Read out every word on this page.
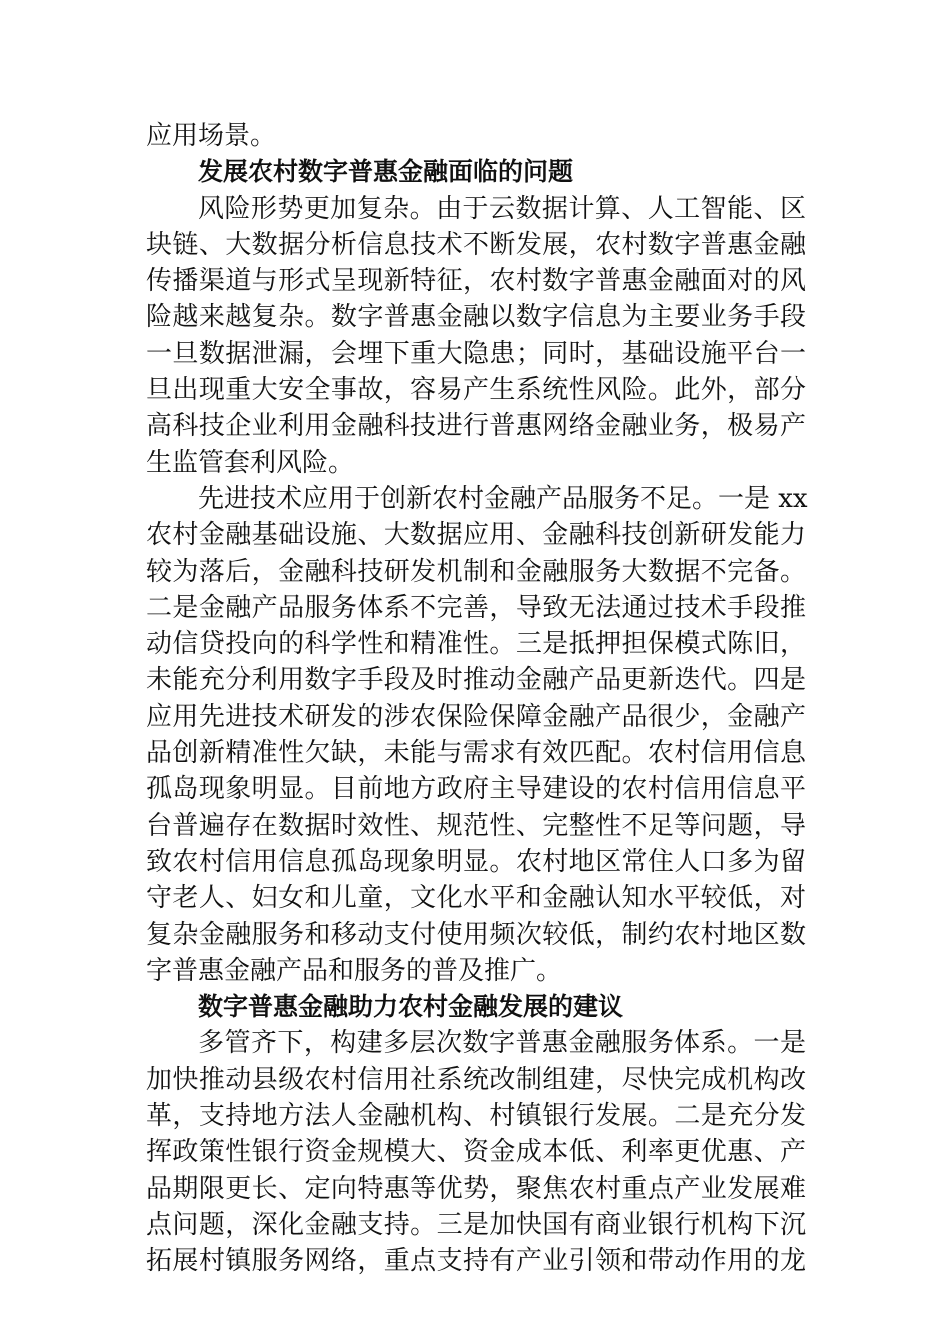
应用场景。
发展农村数字普惠金融面临的问题
风险形势更加复杂。由于云数据计算、人工智能、区
块链、大数据分析信息技术不断发展，农村数字普惠金融
传播渠道与形式呈现新特征，农村数字普惠金融面对的风
险越来越复杂。数字普惠金融以数字信息为主要业务手段
一旦数据泄漏，会埋下重大隐患；同时，基础设施平台一
旦出现重大安全事故，容易产生系统性风险。此外，部分
高科技企业利用金融科技进行普惠网络金融业务，极易产
生监管套利风险。
先进技术应用于创新农村金融产品服务不足。一是 xx
农村金融基础设施、大数据应用、金融科技创新研发能力
较为落后，金融科技研发机制和金融服务大数据不完备。
二是金融产品服务体系不完善，导致无法通过技术手段推
动信贷投向的科学性和精准性。三是抵押担保模式陈旧，
未能充分利用数字手段及时推动金融产品更新迭代。四是
应用先进技术研发的涉农保险保障金融产品很少，金融产
品创新精准性欠缺，未能与需求有效匹配。农村信用信息
孤岛现象明显。目前地方政府主导建设的农村信用信息平
台普遍存在数据时效性、规范性、完整性不足等问题，导
致农村信用信息孤岛现象明显。农村地区常住人口多为留
守老人、妇女和儿童，文化水平和金融认知水平较低，对
复杂金融服务和移动支付使用频次较低，制约农村地区数
字普惠金融产品和服务的普及推广。
数字普惠金融助力农村金融发展的建议
多管齐下，构建多层次数字普惠金融服务体系。一是
加快推动县级农村信用社系统改制组建，尽快完成机构改
革，支持地方法人金融机构、村镇银行发展。二是充分发
挥政策性银行资金规模大、资金成本低、利率更优惠、产
品期限更长、定向特惠等优势，聚焦农村重点产业发展难
点问题，深化金融支持。三是加快国有商业银行机构下沉
拓展村镇服务网络，重点支持有产业引领和带动作用的龙
